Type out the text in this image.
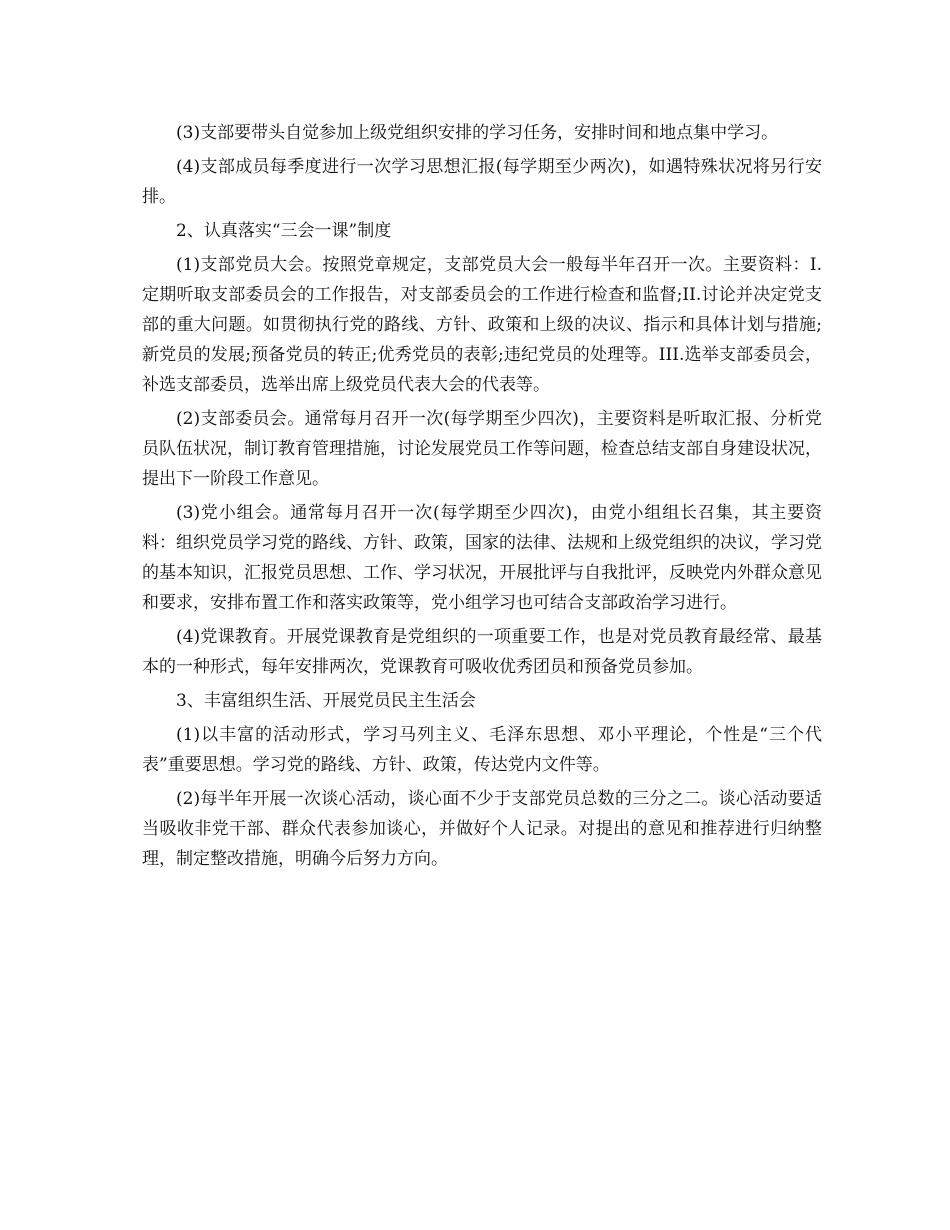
(3)支部要带头自觉参加上级党组织安排的学习任务，安排时间和地点集中学习。

(4)支部成员每季度进行一次学习思想汇报(每学期至少两次)，如遇特殊状况将另行安排。

2、认真落实“三会一课”制度

(1)支部党员大会。按照党章规定，支部党员大会一般每半年召开一次。主要资料：I.定期听取支部委员会的工作报告，对支部委员会的工作进行检查和监督;II.讨论并决定党支部的重大问题。如贯彻执行党的路线、方针、政策和上级的决议、指示和具体计划与措施;新党员的发展;预备党员的转正;优秀党员的表彰;违纪党员的处理等。III.选举支部委员会，补选支部委员，选举出席上级党员代表大会的代表等。

(2)支部委员会。通常每月召开一次(每学期至少四次)，主要资料是听取汇报、分析党员队伍状况，制订教育管理措施，讨论发展党员工作等问题，检查总结支部自身建设状况，提出下一阶段工作意见。

(3)党小组会。通常每月召开一次(每学期至少四次)，由党小组组长召集，其主要资料：组织党员学习党的路线、方针、政策，国家的法律、法规和上级党组织的决议，学习党的基本知识，汇报党员思想、工作、学习状况，开展批评与自我批评，反映党内外群众意见和要求，安排布置工作和落实政策等，党小组学习也可结合支部政治学习进行。

(4)党课教育。开展党课教育是党组织的一项重要工作，也是对党员教育最经常、最基本的一种形式，每年安排两次，党课教育可吸收优秀团员和预备党员参加。

3、丰富组织生活、开展党员民主生活会

(1)以丰富的活动形式，学习马列主义、毛泽东思想、邓小平理论，个性是“三个代表”重要思想。学习党的路线、方针、政策，传达党内文件等。

(2)每半年开展一次谈心活动，谈心面不少于支部党员总数的三分之二。谈心活动要适当吸收非党干部、群众代表参加谈心，并做好个人记录。对提出的意见和推荐进行归纳整理，制定整改措施，明确今后努力方向。
